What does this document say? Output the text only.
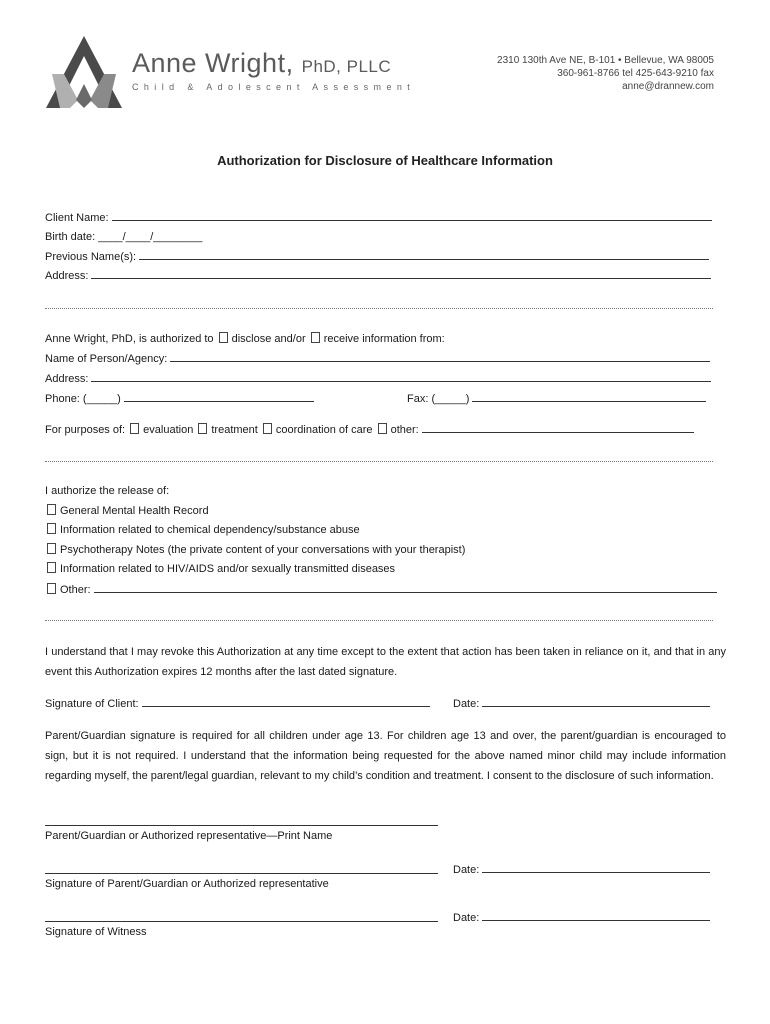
Anne Wright, PhD, PLLC
Child & Adolescent Assessment
2310 130th Ave NE, B-101 • Bellevue, WA 98005
360-961-8766 tel 425-643-9210 fax
anne@drannew.com
Authorization for Disclosure of Healthcare Information
Client Name:
Birth date: ____/____/________
Previous Name(s):
Address:
Anne Wright, PhD, is authorized to disclose and/or receive information from:
Name of Person/Agency:
Address:
Phone: (_____)	Fax: (_____)
For purposes of: evaluation treatment coordination of care other:
I authorize the release of:
General Mental Health Record
Information related to chemical dependency/substance abuse
Psychotherapy Notes (the private content of your conversations with your therapist)
Information related to HIV/AIDS and/or sexually transmitted diseases
Other:
I understand that I may revoke this Authorization at any time except to the extent that action has been taken in reliance on it, and that in any event this Authorization expires 12 months after the last dated signature.
Signature of Client:	Date:
Parent/Guardian signature is required for all children under age 13. For children age 13 and over, the parent/guardian is encouraged to sign, but it is not required. I understand that the information being requested for the above named minor child may include information regarding myself, the parent/legal guardian, relevant to my child’s condition and treatment. I consent to the disclosure of such information.
Parent/Guardian or Authorized representative—Print Name
Date:
Signature of Parent/Guardian or Authorized representative
Date:
Signature of Witness
